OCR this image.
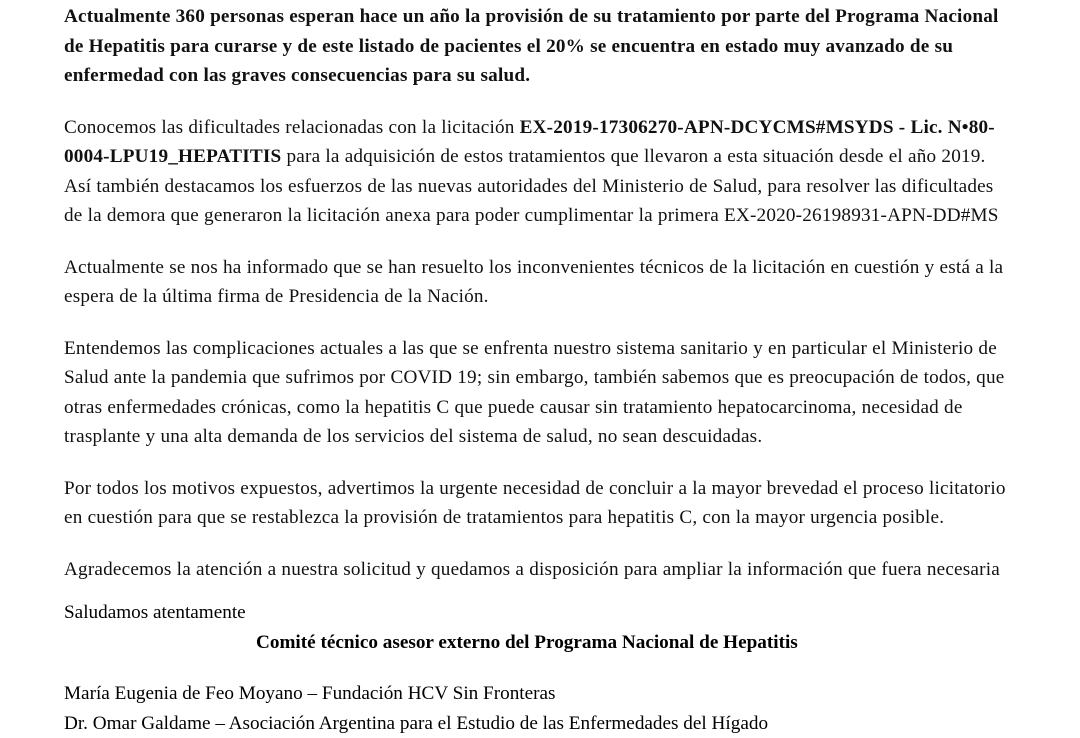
Actualmente 360 personas esperan hace un año la provisión de su tratamiento por parte del Programa Nacional de Hepatitis para curarse y de este listado de pacientes el 20% se encuentra en estado muy avanzado de su enfermedad con las graves consecuencias para su salud.

Conocemos las dificultades relacionadas con la licitación EX-2019-17306270-APN-DCYCMS#MSYDS - Lic. N•80-0004-LPU19_HEPATITIS para la adquisición de estos tratamientos que llevaron a esta situación desde el año 2019. Así también destacamos los esfuerzos de las nuevas autoridades del Ministerio de Salud, para resolver las dificultades de la demora que generaron la licitación anexa para poder cumplimentar la primera EX-2020-26198931-APN-DD#MS

Actualmente se nos ha informado que se han resuelto los inconvenientes técnicos de la licitación en cuestión y está a la espera de la última firma de Presidencia de la Nación.

Entendemos las complicaciones actuales a las que se enfrenta nuestro sistema sanitario y en particular el Ministerio de Salud ante la pandemia que sufrimos por COVID 19; sin embargo, también sabemos que es preocupación de todos, que otras enfermedades crónicas, como la hepatitis C que puede causar sin tratamiento hepatocarcinoma, necesidad de trasplante y una alta demanda de los servicios del sistema de salud, no sean descuidadas.

Por todos los motivos expuestos, advertimos la urgente necesidad de concluir a la mayor brevedad el proceso licitatorio en cuestión para que se restablezca la provisión de tratamientos para hepatitis C, con la mayor urgencia posible.

Agradecemos la atención a nuestra solicitud y quedamos a disposición para ampliar la información que fuera necesaria

Saludamos atentamente

Comité técnico asesor externo del Programa Nacional de Hepatitis

María Eugenia de Feo Moyano – Fundación HCV Sin Fronteras

Dr. Omar Galdame – Asociación Argentina para el Estudio de las Enfermedades del Hígado
